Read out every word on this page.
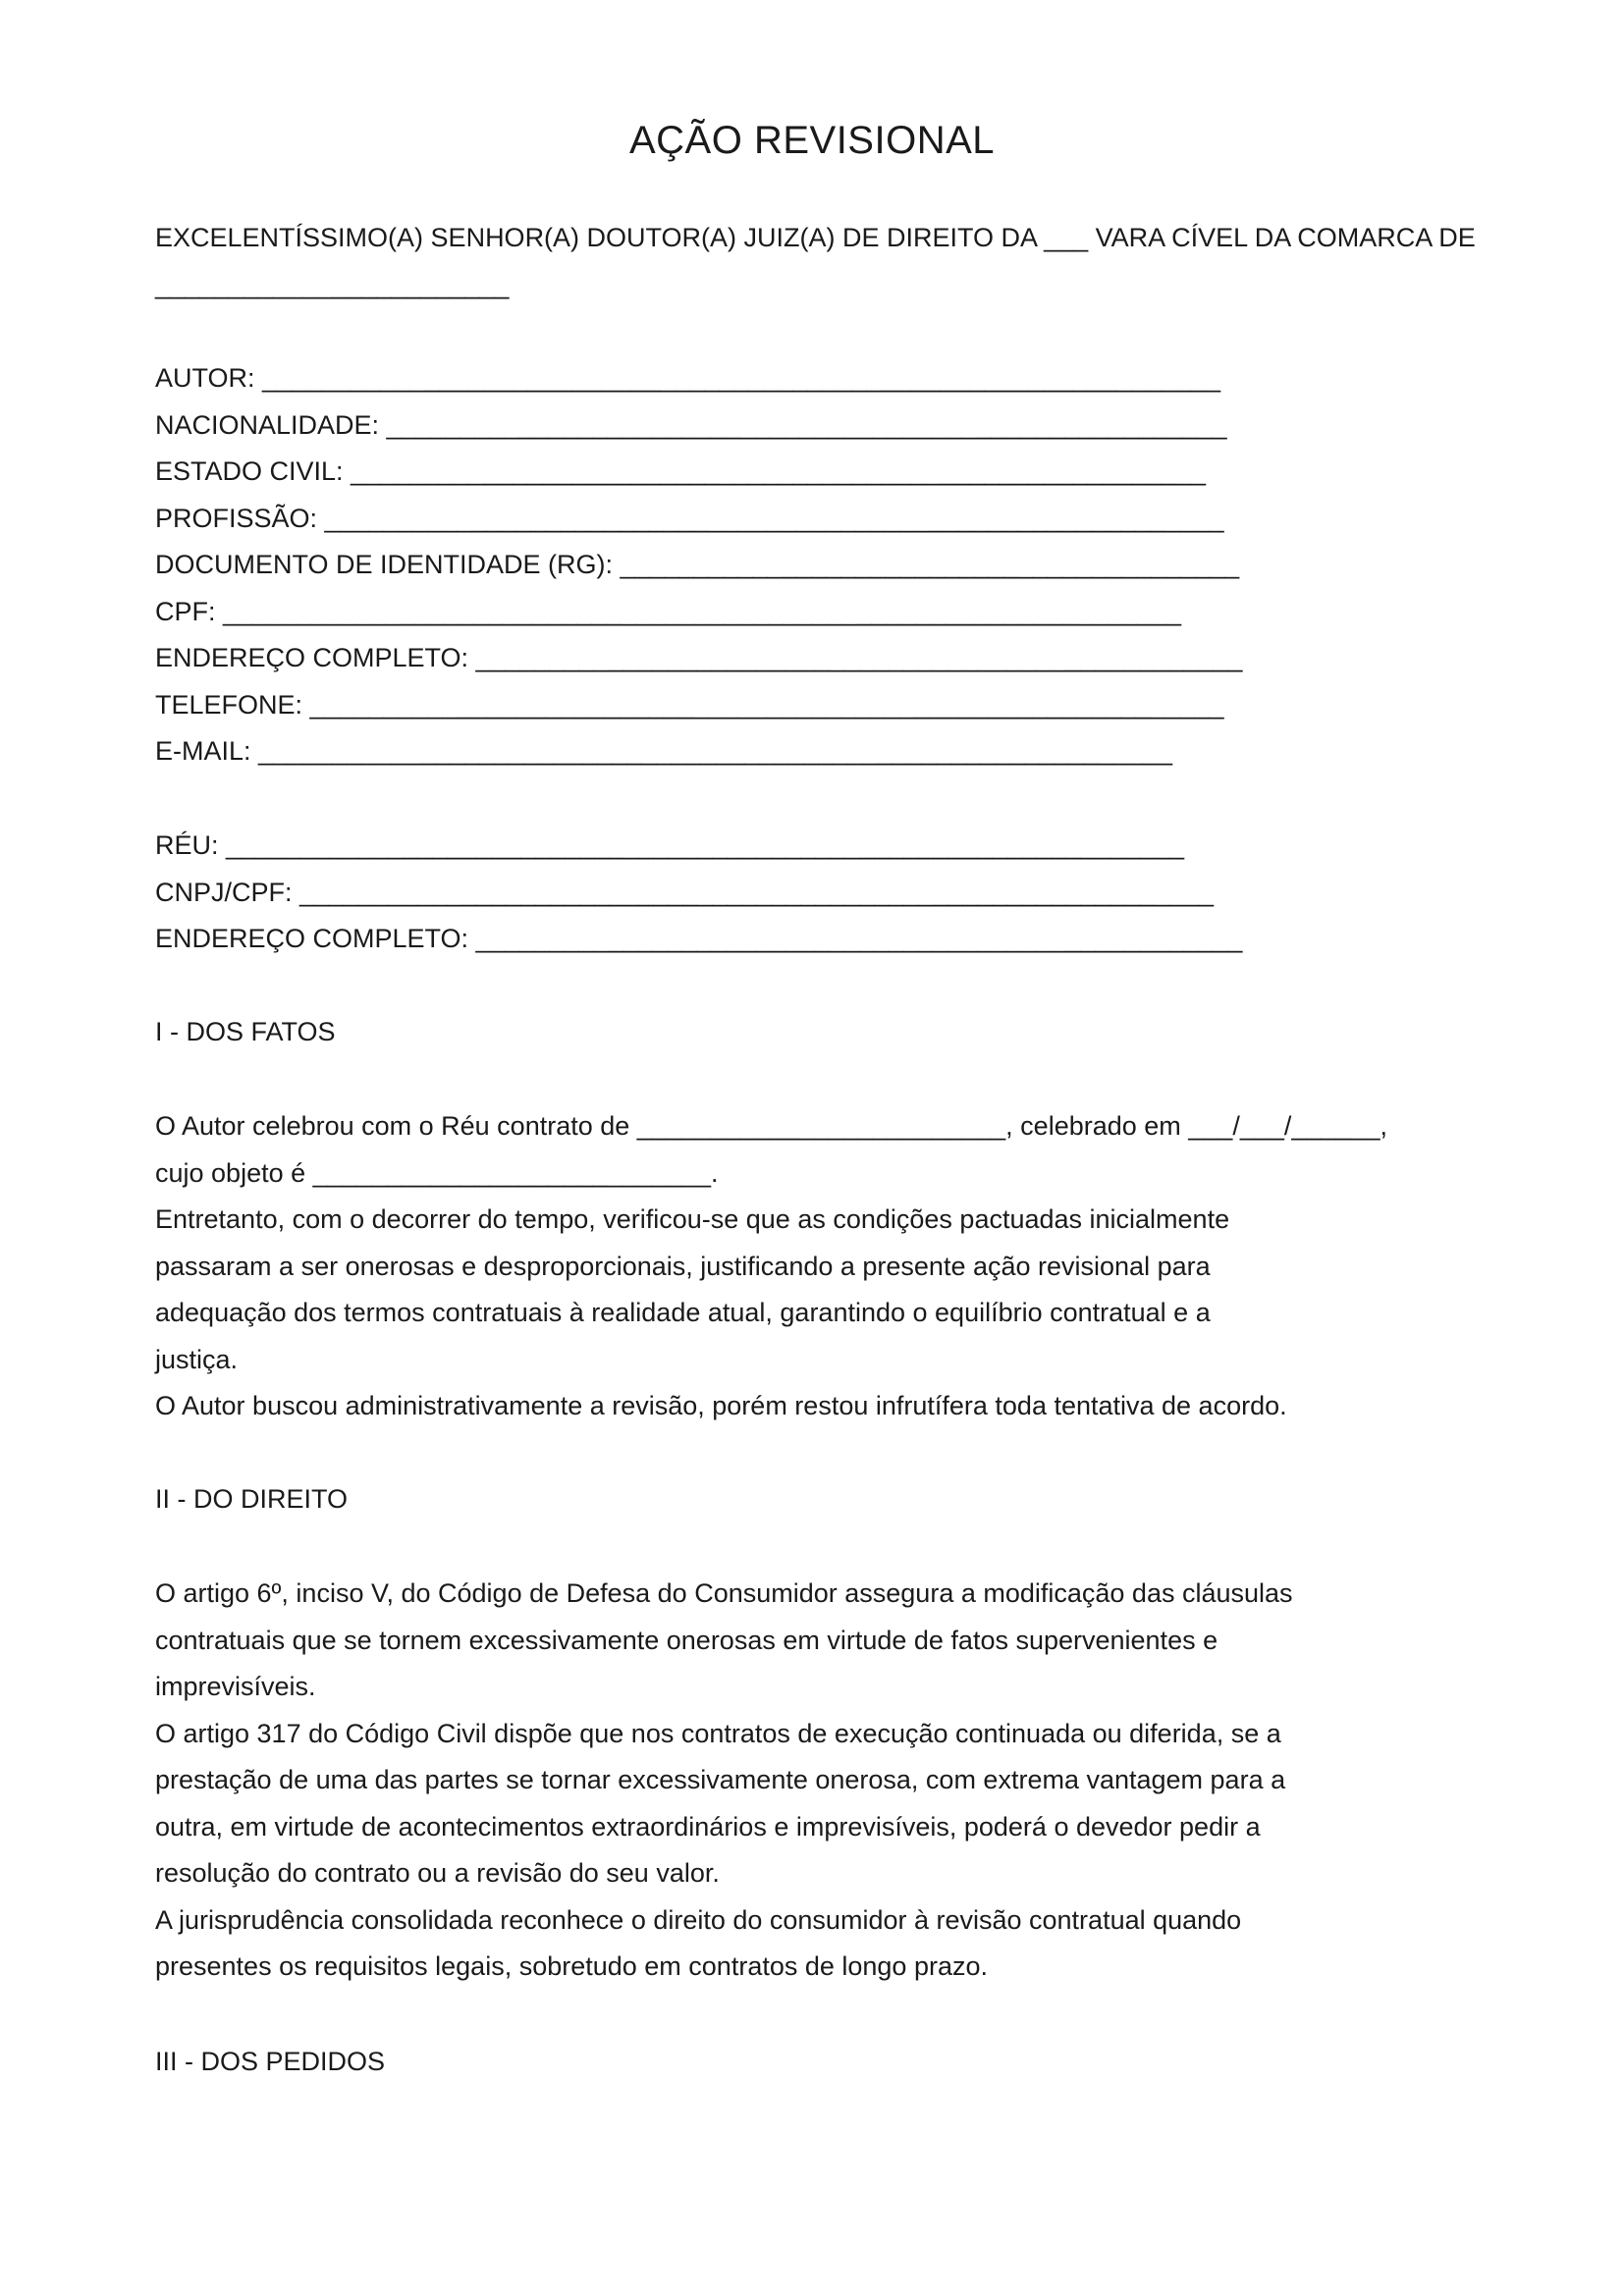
AÇÃO REVISIONAL
EXCELENTÍSSIMO(A) SENHOR(A) DOUTOR(A) JUIZ(A) DE DIREITO DA ___ VARA CÍVEL DA COMARCA DE
________________________
AUTOR: _________________________________________________________________
NACIONALIDADE: _________________________________________________________
ESTADO CIVIL: __________________________________________________________
PROFISSÃO: _____________________________________________________________
DOCUMENTO DE IDENTIDADE (RG): __________________________________________
CPF: _________________________________________________________________
ENDEREÇO COMPLETO: ____________________________________________________
TELEFONE: ______________________________________________________________
E-MAIL: ______________________________________________________________
RÉU: _________________________________________________________________
CNPJ/CPF: ______________________________________________________________
ENDEREÇO COMPLETO: ____________________________________________________
I - DOS FATOS
O Autor celebrou com o Réu contrato de _________________________, celebrado em ___/___/______,
cujo objeto é ___________________________.
Entretanto, com o decorrer do tempo, verificou-se que as condições pactuadas inicialmente
passaram a ser onerosas e desproporcionais, justificando a presente ação revisional para
adequação dos termos contratuais à realidade atual, garantindo o equilíbrio contratual e a
justiça.
O Autor buscou administrativamente a revisão, porém restou infrutífera toda tentativa de acordo.
II - DO DIREITO
O artigo 6º, inciso V, do Código de Defesa do Consumidor assegura a modificação das cláusulas
contratuais que se tornem excessivamente onerosas em virtude de fatos supervenientes e
imprevisíveis.
O artigo 317 do Código Civil dispõe que nos contratos de execução continuada ou diferida, se a
prestação de uma das partes se tornar excessivamente onerosa, com extrema vantagem para a
outra, em virtude de acontecimentos extraordinários e imprevisíveis, poderá o devedor pedir a
resolução do contrato ou a revisão do seu valor.
A jurisprudência consolidada reconhece o direito do consumidor à revisão contratual quando
presentes os requisitos legais, sobretudo em contratos de longo prazo.
III - DOS PEDIDOS
